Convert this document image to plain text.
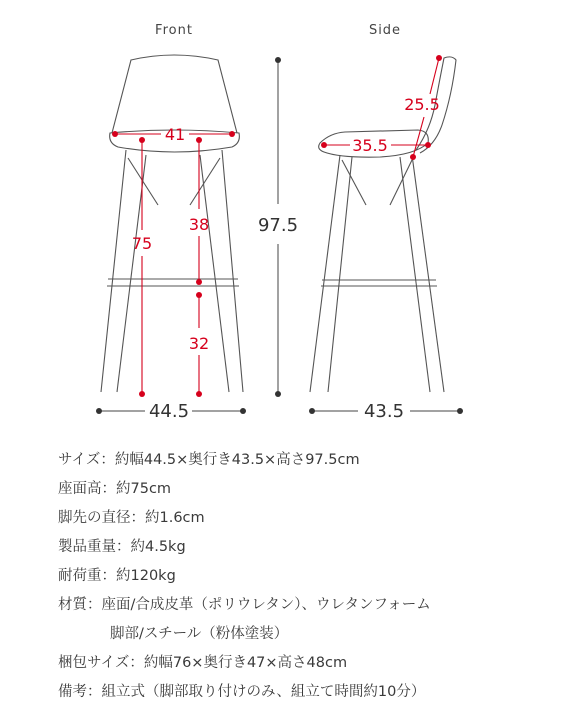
Front	Side
41
75
38
32
97.5
44.5
25.5
35.5
43.5
サイズ：約幅44.5×奥行き43.5×高さ97.5cm
座面高：約75cm
脚先の直径：約1.6cm
製品重量：約4.5kg
耐荷重：約120kg
材質：座面/合成皮革（ポリウレタン）、ウレタンフォーム
脚部/スチール（粉体塗装）
梱包サイズ：約幅76×奥行き47×高さ48cm
備考：組立式（脚部取り付けのみ、組立て時間約10分）
